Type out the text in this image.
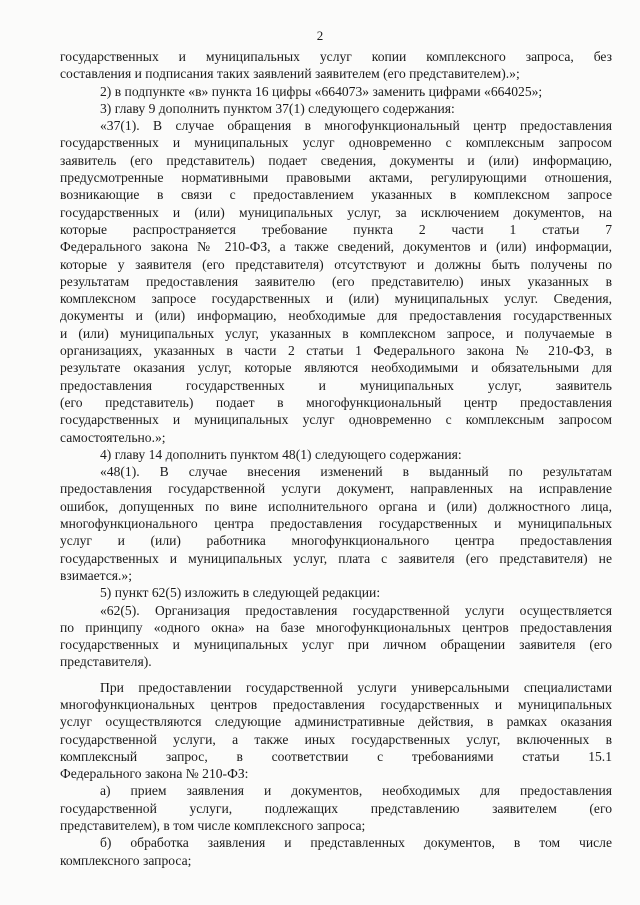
2
государственных и муниципальных услуг копии комплексного запроса, без
составления и подписания таких заявлений заявителем (его представителем).»;
2) в подпункте «в» пункта 16 цифры «664073» заменить цифрами «664025»;
3) главу 9 дополнить пунктом 37(1) следующего содержания:
«37(1). В случае обращения в многофункциональный центр предоставления
государственных и муниципальных услуг одновременно с комплексным запросом
заявитель (его представитель) подает сведения, документы и (или) информацию,
предусмотренные нормативными правовыми актами, регулирующими отношения,
возникающие в связи с предоставлением указанных в комплексном запросе
государственных и (или) муниципальных услуг, за исключением документов, на
которые распространяется требование пункта 2 части 1 статьи 7
Федерального закона № 210-ФЗ, а также сведений, документов и (или) информации,
которые у заявителя (его представителя) отсутствуют и должны быть получены по
результатам предоставления заявителю (его представителю) иных указанных в
комплексном запросе государственных и (или) муниципальных услуг. Сведения,
документы и (или) информацию, необходимые для предоставления государственных
и (или) муниципальных услуг, указанных в комплексном запросе, и получаемые в
организациях, указанных в части 2 статьи 1 Федерального закона № 210-ФЗ, в
результате оказания услуг, которые являются необходимыми и обязательными для
предоставления государственных и муниципальных услуг, заявитель
(его представитель) подает в многофункциональный центр предоставления
государственных и муниципальных услуг одновременно с комплексным запросом
самостоятельно.»;
4) главу 14 дополнить пунктом 48(1) следующего содержания:
«48(1). В случае внесения изменений в выданный по результатам
предоставления государственной услуги документ, направленных на исправление
ошибок, допущенных по вине исполнительного органа и (или) должностного лица,
многофункционального центра предоставления государственных и муниципальных
услуг и (или) работника многофункционального центра предоставления
государственных и муниципальных услуг, плата с заявителя (его представителя) не
взимается.»;
5) пункт 62(5) изложить в следующей редакции:
«62(5). Организация предоставления государственной услуги осуществляется
по принципу «одного окна» на базе многофункциональных центров предоставления
государственных и муниципальных услуг при личном обращении заявителя (его
представителя).
При предоставлении государственной услуги универсальными специалистами
многофункциональных центров предоставления государственных и муниципальных
услуг осуществляются следующие административные действия, в рамках оказания
государственной услуги, а также иных государственных услуг, включенных в
комплексный запрос, в соответствии с требованиями статьи 15.1
Федерального закона № 210-ФЗ:
а) прием заявления и документов, необходимых для предоставления
государственной услуги, подлежащих представлению заявителем (его
представителем), в том числе комплексного запроса;
б) обработка заявления и представленных документов, в том числе
комплексного запроса;
